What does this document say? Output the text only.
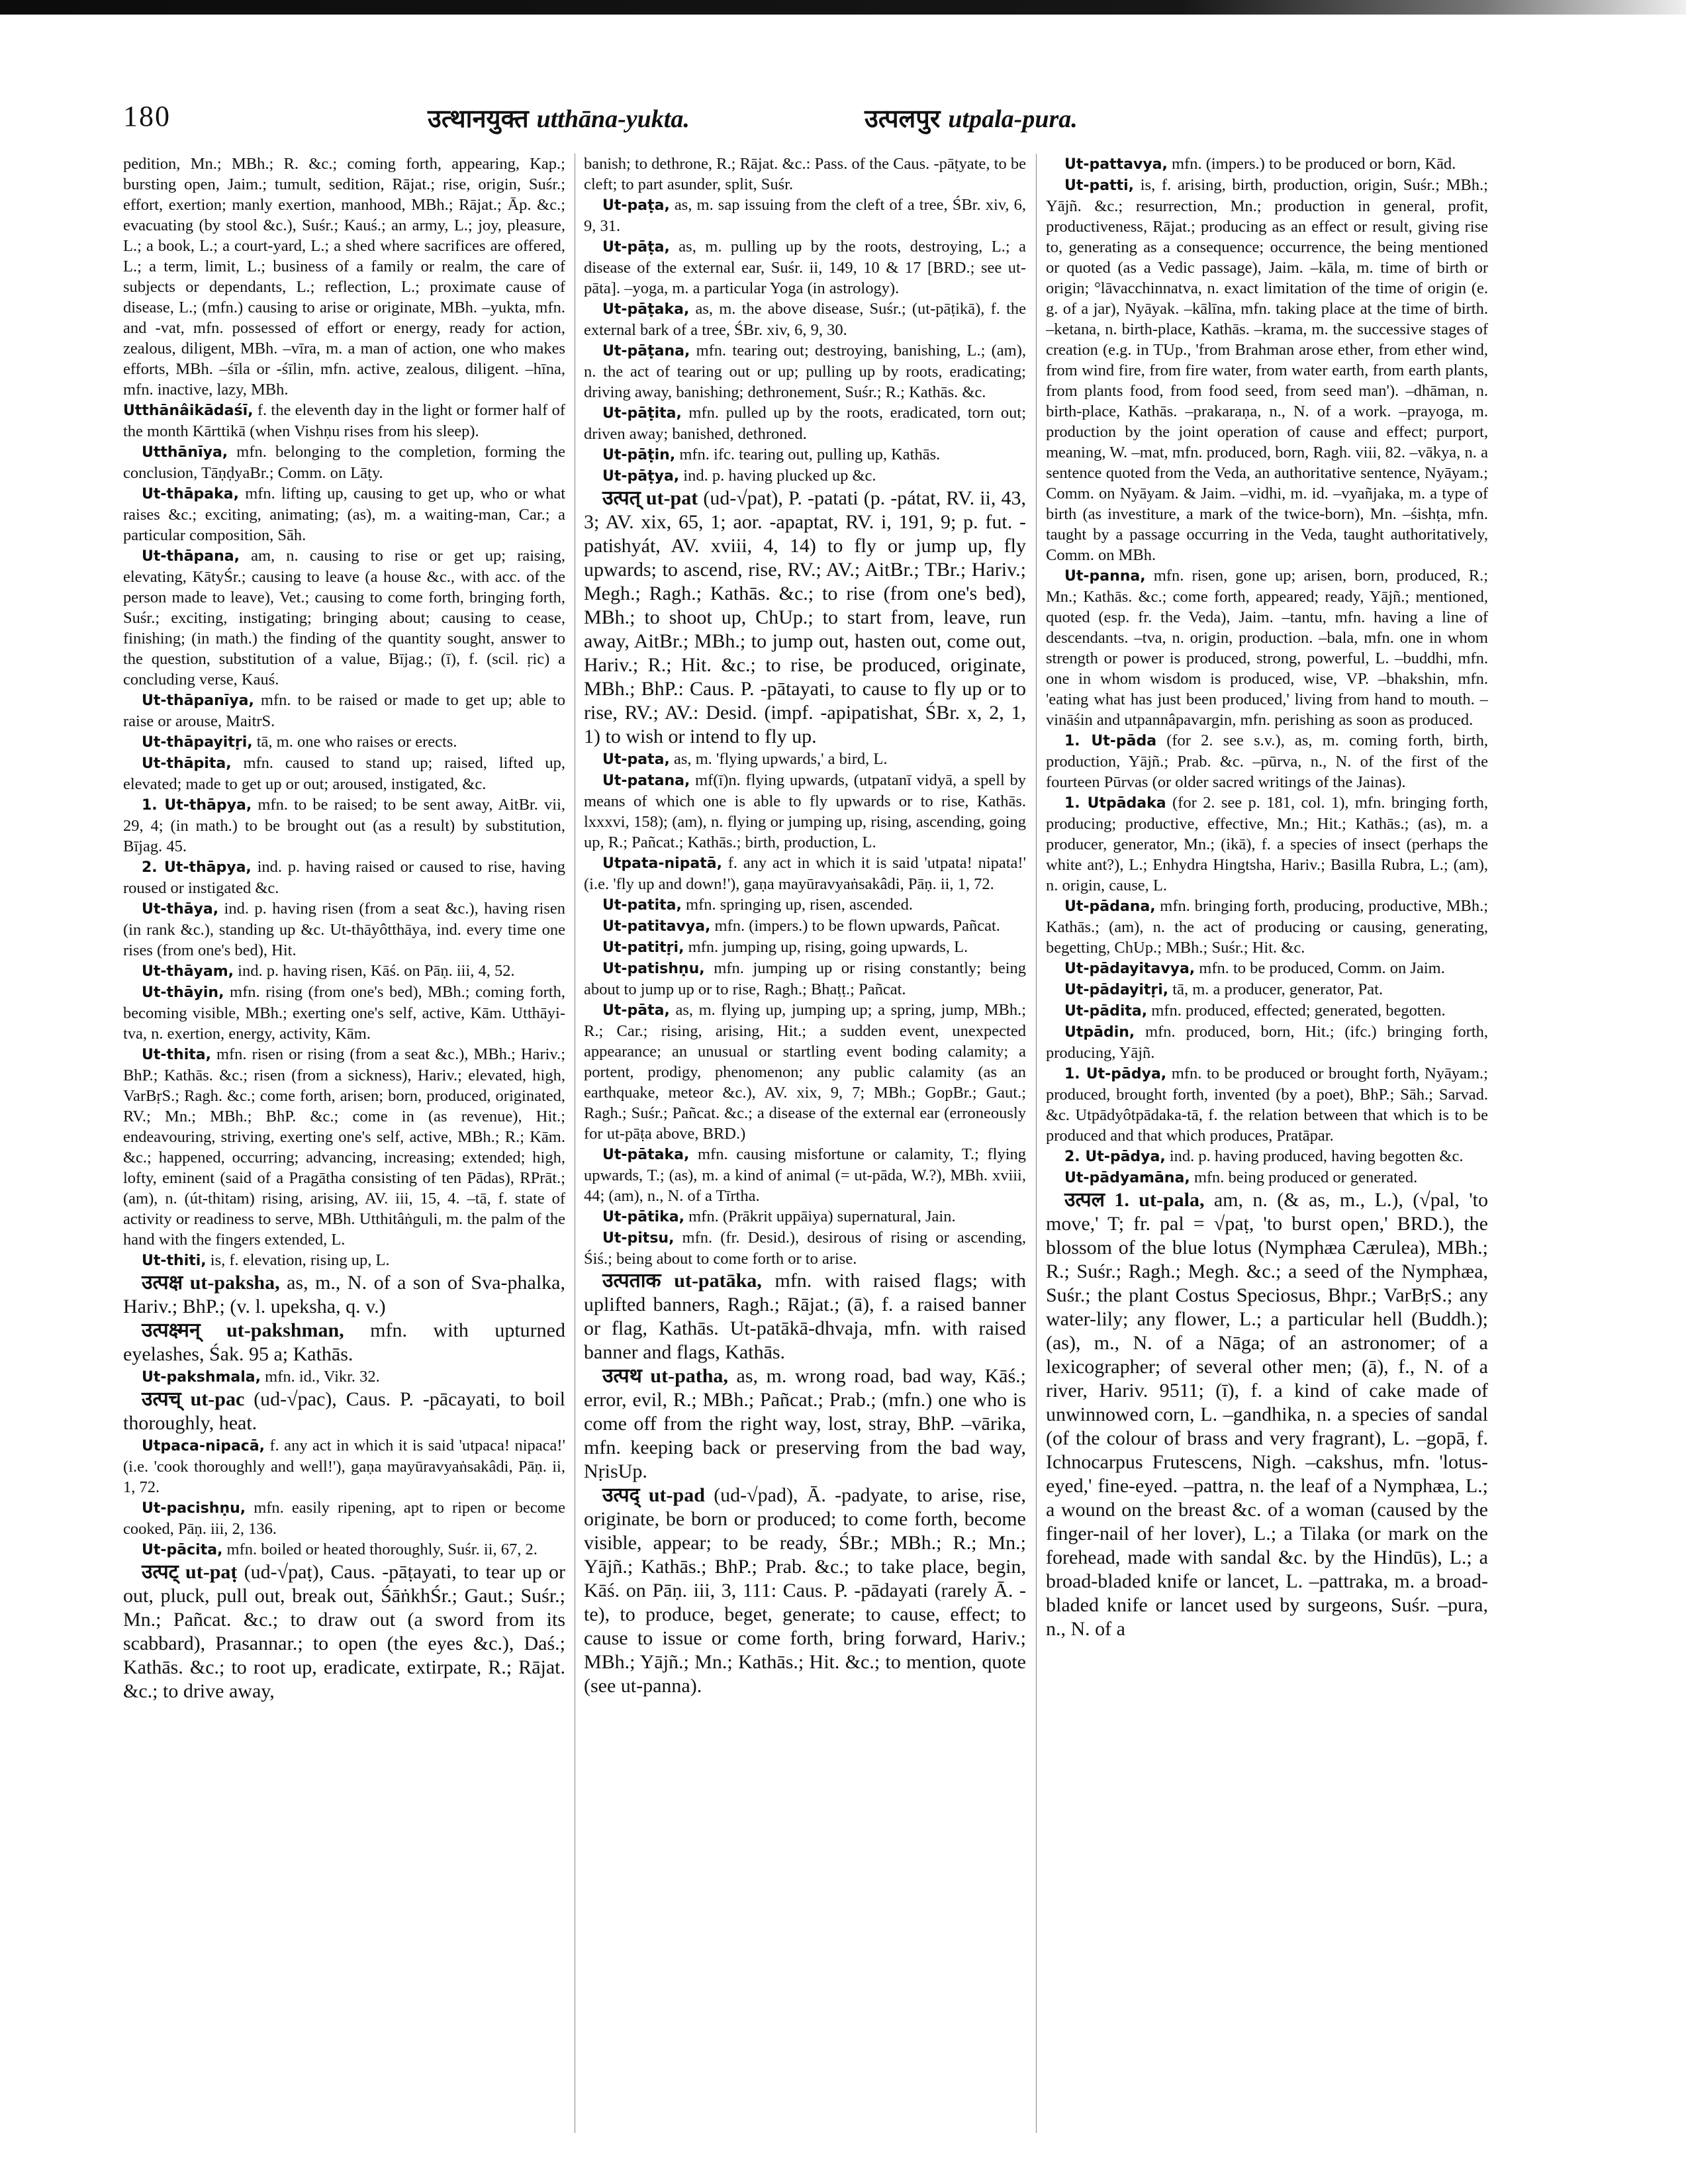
180	उत्थानयुक्त utthāna-yukta.	उत्पलपुर utpala-pura.

pedition, Mn.; MBh.; R. &c.; coming forth, appearing, Kap.; bursting open, Jaim.; tumult, sedition, Rājat.; rise, origin, Suśr.; effort, exertion; manly exertion, manhood, MBh.; Rājat.; Āp. &c.; evacuating (by stool &c.), Suśr.; Kauś.; an army, L.; joy, pleasure, L.; a book, L.; a court-yard, L.; a shed where sacrifices are offered, L.; a term, limit, L.; business of a family or realm, the care of subjects or dependants, L.; reflection, L.; proximate cause of disease, L.; (mfn.) causing to arise or originate, MBh. –yukta, mfn. and -vat, mfn. possessed of effort or energy, ready for action, zealous, diligent, MBh. –vīra, m. a man of action, one who makes efforts, MBh. –śīla or -śīlin, mfn. active, zealous, diligent. –hīna, mfn. inactive, lazy, MBh.

Utthānâikādaśī, f. the eleventh day in the light or former half of the month Kārttikā (when Vishṇu rises from his sleep).

Utthānīya, mfn. belonging to the completion, forming the conclusion, TāṇḍyaBr.; Comm. on Lāṭy.

Ut-thāpaka, mfn. lifting up, causing to get up, who or what raises &c.; exciting, animating; (as), m. a waiting-man, Car.; a particular composition, Sāh.

Ut-thāpana, am, n. causing to rise or get up; raising, elevating, KātyŚr.; causing to leave (a house &c., with acc. of the person made to leave), Vet.; causing to come forth, bringing forth, Suśr.; exciting, instigating; bringing about; causing to cease, finishing; (in math.) the finding of the quantity sought, answer to the question, substitution of a value, Bījag.; (ī), f. (scil. ṛic) a concluding verse, Kauś.

Ut-thāpanīya, mfn. to be raised or made to get up; able to raise or arouse, MaitrS.

Ut-thāpayitṛi, tā, m. one who raises or erects.

Ut-thāpita, mfn. caused to stand up; raised, lifted up, elevated; made to get up or out; aroused, instigated, &c.

1. Ut-thāpya, mfn. to be raised; to be sent away, AitBr. vii, 29, 4; (in math.) to be brought out (as a result) by substitution, Bījag. 45.

2. Ut-thāpya, ind. p. having raised or caused to rise, having roused or instigated &c.

Ut-thāya, ind. p. having risen (from a seat &c.), having risen (in rank &c.), standing up &c. Ut-thāyôtthāya, ind. every time one rises (from one's bed), Hit.

Ut-thāyam, ind. p. having risen, Kāś. on Pāṇ. iii, 4, 52.

Ut-thāyin, mfn. rising (from one's bed), MBh.; coming forth, becoming visible, MBh.; exerting one's self, active, Kām. Utthāyi-tva, n. exertion, energy, activity, Kām.

Ut-thita, mfn. risen or rising (from a seat &c.), MBh.; Hariv.; BhP.; Kathās. &c.; risen (from a sickness), Hariv.; elevated, high, VarBṛS.; Ragh. &c.; come forth, arisen; born, produced, originated, RV.; Mn.; MBh.; BhP. &c.; come in (as revenue), Hit.; endeavouring, striving, exerting one's self, active, MBh.; R.; Kām. &c.; happened, occurring; advancing, increasing; extended; high, lofty, eminent (said of a Pragātha consisting of ten Pādas), RPrāt.; (am), n. (út-thitam) rising, arising, AV. iii, 15, 4. –tā, f. state of activity or readiness to serve, MBh. Utthitâṅguli, m. the palm of the hand with the fingers extended, L.

Ut-thiti, is, f. elevation, rising up, L.

उत्पक्ष ut-paksha, as, m., N. of a son of Sva-phalka, Hariv.; BhP.; (v. l. upeksha, q. v.)

उत्पक्ष्मन् ut-pakshman, mfn. with upturned eyelashes, Śak. 95 a; Kathās.

Ut-pakshmala, mfn. id., Vikr. 32.

उत्पच् ut-pac (ud-√pac), Caus. P. -pācayati, to boil thoroughly, heat.

Utpaca-nipacā, f. any act in which it is said 'utpaca! nipaca!' (i.e. 'cook thoroughly and well!'), gaṇa mayūravyaṅsakâdi, Pāṇ. ii, 1, 72.

Ut-pacishṇu, mfn. easily ripening, apt to ripen or become cooked, Pāṇ. iii, 2, 136.

Ut-pācita, mfn. boiled or heated thoroughly, Suśr. ii, 67, 2.

उत्पट् ut-paṭ (ud-√paṭ), Caus. -pāṭayati, to tear up or out, pluck, pull out, break out, ŚāṅkhŚr.; Gaut.; Suśr.; Mn.; Pañcat. &c.; to draw out (a sword from its scabbard), Prasannar.; to open (the eyes &c.), Daś.; Kathās. &c.; to root up, eradicate, extirpate, R.; Rājat. &c.; to drive away,

banish; to dethrone, R.; Rājat. &c.: Pass. of the Caus. -pāṭyate, to be cleft; to part asunder, split, Suśr.

Ut-paṭa, as, m. sap issuing from the cleft of a tree, ŚBr. xiv, 6, 9, 31.

Ut-pāṭa, as, m. pulling up by the roots, destroying, L.; a disease of the external ear, Suśr. ii, 149, 10 & 17 [BRD.; see ut-pāta]. –yoga, m. a particular Yoga (in astrology).

Ut-pāṭaka, as, m. the above disease, Suśr.; (ut-pāṭikā), f. the external bark of a tree, ŚBr. xiv, 6, 9, 30.

Ut-pāṭana, mfn. tearing out; destroying, banishing, L.; (am), n. the act of tearing out or up; pulling up by roots, eradicating; driving away, banishing; dethronement, Suśr.; R.; Kathās. &c.

Ut-pāṭita, mfn. pulled up by the roots, eradicated, torn out; driven away; banished, dethroned.

Ut-pāṭin, mfn. ifc. tearing out, pulling up, Kathās.

Ut-pāṭya, ind. p. having plucked up &c.

उत्पत् ut-pat (ud-√pat), P. -patati (p. -pátat, RV. ii, 43, 3; AV. xix, 65, 1; aor. -apaptat, RV. i, 191, 9; p. fut. -patishyát, AV. xviii, 4, 14) to fly or jump up, fly upwards; to ascend, rise, RV.; AV.; AitBr.; TBr.; Hariv.; Megh.; Ragh.; Kathās. &c.; to rise (from one's bed), MBh.; to shoot up, ChUp.; to start from, leave, run away, AitBr.; MBh.; to jump out, hasten out, come out, Hariv.; R.; Hit. &c.; to rise, be produced, originate, MBh.; BhP.: Caus. P. -pātayati, to cause to fly up or to rise, RV.; AV.: Desid. (impf. -apipatishat, ŚBr. x, 2, 1, 1) to wish or intend to fly up.

Ut-pata, as, m. 'flying upwards,' a bird, L.

Ut-patana, mf(ī)n. flying upwards, (utpatanī vidyā, a spell by means of which one is able to fly upwards or to rise, Kathās. lxxxvi, 158); (am), n. flying or jumping up, rising, ascending, going up, R.; Pañcat.; Kathās.; birth, production, L.

Utpata-nipatā, f. any act in which it is said 'utpata! nipata!' (i.e. 'fly up and down!'), gaṇa mayūravyaṅsakâdi, Pāṇ. ii, 1, 72.

Ut-patita, mfn. springing up, risen, ascended.

Ut-patitavya, mfn. (impers.) to be flown upwards, Pañcat.

Ut-patitṛi, mfn. jumping up, rising, going upwards, L.

Ut-patishṇu, mfn. jumping up or rising constantly; being about to jump up or to rise, Ragh.; Bhaṭṭ.; Pañcat.

Ut-pāta, as, m. flying up, jumping up; a spring, jump, MBh.; R.; Car.; rising, arising, Hit.; a sudden event, unexpected appearance; an unusual or startling event boding calamity; a portent, prodigy, phenomenon; any public calamity (as an earthquake, meteor &c.), AV. xix, 9, 7; MBh.; GopBr.; Gaut.; Ragh.; Suśr.; Pañcat. &c.; a disease of the external ear (erroneously for ut-pāṭa above, BRD.)

Ut-pātaka, mfn. causing misfortune or calamity, T.; flying upwards, T.; (as), m. a kind of animal (= ut-pāda, W.?), MBh. xviii, 44; (am), n., N. of a Tīrtha.

Ut-pātika, mfn. (Prākrit uppāiya) supernatural, Jain.

Ut-pitsu, mfn. (fr. Desid.), desirous of rising or ascending, Śiś.; being about to come forth or to arise.

उत्पताक ut-patāka, mfn. with raised flags; with uplifted banners, Ragh.; Rājat.; (ā), f. a raised banner or flag, Kathās. Ut-patākā-dhvaja, mfn. with raised banner and flags, Kathās.

उत्पथ ut-patha, as, m. wrong road, bad way, Kāś.; error, evil, R.; MBh.; Pañcat.; Prab.; (mfn.) one who is come off from the right way, lost, stray, BhP. –vārika, mfn. keeping back or preserving from the bad way, NṛisUp.

उत्पद् ut-pad (ud-√pad), Ā. -padyate, to arise, rise, originate, be born or produced; to come forth, become visible, appear; to be ready, ŚBr.; MBh.; R.; Mn.; Yājñ.; Kathās.; BhP.; Prab. &c.; to take place, begin, Kāś. on Pāṇ. iii, 3, 111: Caus. P. -pādayati (rarely Ā. -te), to produce, beget, generate; to cause, effect; to cause to issue or come forth, bring forward, Hariv.; MBh.; Yājñ.; Mn.; Kathās.; Hit. &c.; to mention, quote (see ut-panna).

Ut-pattavya, mfn. (impers.) to be produced or born, Kād.

Ut-patti, is, f. arising, birth, production, origin, Suśr.; MBh.; Yājñ. &c.; resurrection, Mn.; production in general, profit, productiveness, Rājat.; producing as an effect or result, giving rise to, generating as a consequence; occurrence, the being mentioned or quoted (as a Vedic passage), Jaim. –kāla, m. time of birth or origin; °lāvacchinnatva, n. exact limitation of the time of origin (e. g. of a jar), Nyāyak. –kālīna, mfn. taking place at the time of birth. –ketana, n. birth-place, Kathās. –krama, m. the successive stages of creation (e.g. in TUp., 'from Brahman arose ether, from ether wind, from wind fire, from fire water, from water earth, from earth plants, from plants food, from food seed, from seed man'). –dhāman, n. birth-place, Kathās. –prakaraṇa, n., N. of a work. –prayoga, m. production by the joint operation of cause and effect; purport, meaning, W. –mat, mfn. produced, born, Ragh. viii, 82. –vākya, n. a sentence quoted from the Veda, an authoritative sentence, Nyāyam.; Comm. on Nyāyam. & Jaim. –vidhi, m. id. –vyañjaka, m. a type of birth (as investiture, a mark of the twice-born), Mn. –śishṭa, mfn. taught by a passage occurring in the Veda, taught authoritatively, Comm. on MBh.

Ut-panna, mfn. risen, gone up; arisen, born, produced, R.; Mn.; Kathās. &c.; come forth, appeared; ready, Yājñ.; mentioned, quoted (esp. fr. the Veda), Jaim. –tantu, mfn. having a line of descendants. –tva, n. origin, production. –bala, mfn. one in whom strength or power is produced, strong, powerful, L. –buddhi, mfn. one in whom wisdom is produced, wise, VP. –bhakshin, mfn. 'eating what has just been produced,' living from hand to mouth. –vināśin and utpannâpavargin, mfn. perishing as soon as produced.

1. Ut-pāda (for 2. see s.v.), as, m. coming forth, birth, production, Yājñ.; Prab. &c. –pūrva, n., N. of the first of the fourteen Pūrvas (or older sacred writings of the Jainas).

1. Utpādaka (for 2. see p. 181, col. 1), mfn. bringing forth, producing; productive, effective, Mn.; Hit.; Kathās.; (as), m. a producer, generator, Mn.; (ikā), f. a species of insect (perhaps the white ant?), L.; Enhydra Hingtsha, Hariv.; Basilla Rubra, L.; (am), n. origin, cause, L.

Ut-pādana, mfn. bringing forth, producing, productive, MBh.; Kathās.; (am), n. the act of producing or causing, generating, begetting, ChUp.; MBh.; Suśr.; Hit. &c.

Ut-pādayitavya, mfn. to be produced, Comm. on Jaim.

Ut-pādayitṛi, tā, m. a producer, generator, Pat.

Ut-pādita, mfn. produced, effected; generated, begotten.

Utpādin, mfn. produced, born, Hit.; (ifc.) bringing forth, producing, Yājñ.

1. Ut-pādya, mfn. to be produced or brought forth, Nyāyam.; produced, brought forth, invented (by a poet), BhP.; Sāh.; Sarvad. &c. Utpādyôtpādaka-tā, f. the relation between that which is to be produced and that which produces, Pratāpar.

2. Ut-pādya, ind. p. having produced, having begotten &c.

Ut-pādyamāna, mfn. being produced or generated.

उत्पल 1. ut-pala, am, n. (& as, m., L.), (√pal, 'to move,' T; fr. pal = √paṭ, 'to burst open,' BRD.), the blossom of the blue lotus (Nymphæa Cærulea), MBh.; R.; Suśr.; Ragh.; Megh. &c.; a seed of the Nymphæa, Suśr.; the plant Costus Speciosus, Bhpr.; VarBṛS.; any water-lily; any flower, L.; a particular hell (Buddh.); (as), m., N. of a Nāga; of an astronomer; of a lexicographer; of several other men; (ā), f., N. of a river, Hariv. 9511; (ī), f. a kind of cake made of unwinnowed corn, L. –gandhika, n. a species of sandal (of the colour of brass and very fragrant), L. –gopā, f. Ichnocarpus Frutescens, Nigh. –cakshus, mfn. 'lotus-eyed,' fine-eyed. –pattra, n. the leaf of a Nymphæa, L.; a wound on the breast &c. of a woman (caused by the finger-nail of her lover), L.; a Tilaka (or mark on the forehead, made with sandal &c. by the Hindūs), L.; a broad-bladed knife or lancet, L. –pattraka, m. a broad-bladed knife or lancet used by surgeons, Suśr. –pura, n., N. of a
